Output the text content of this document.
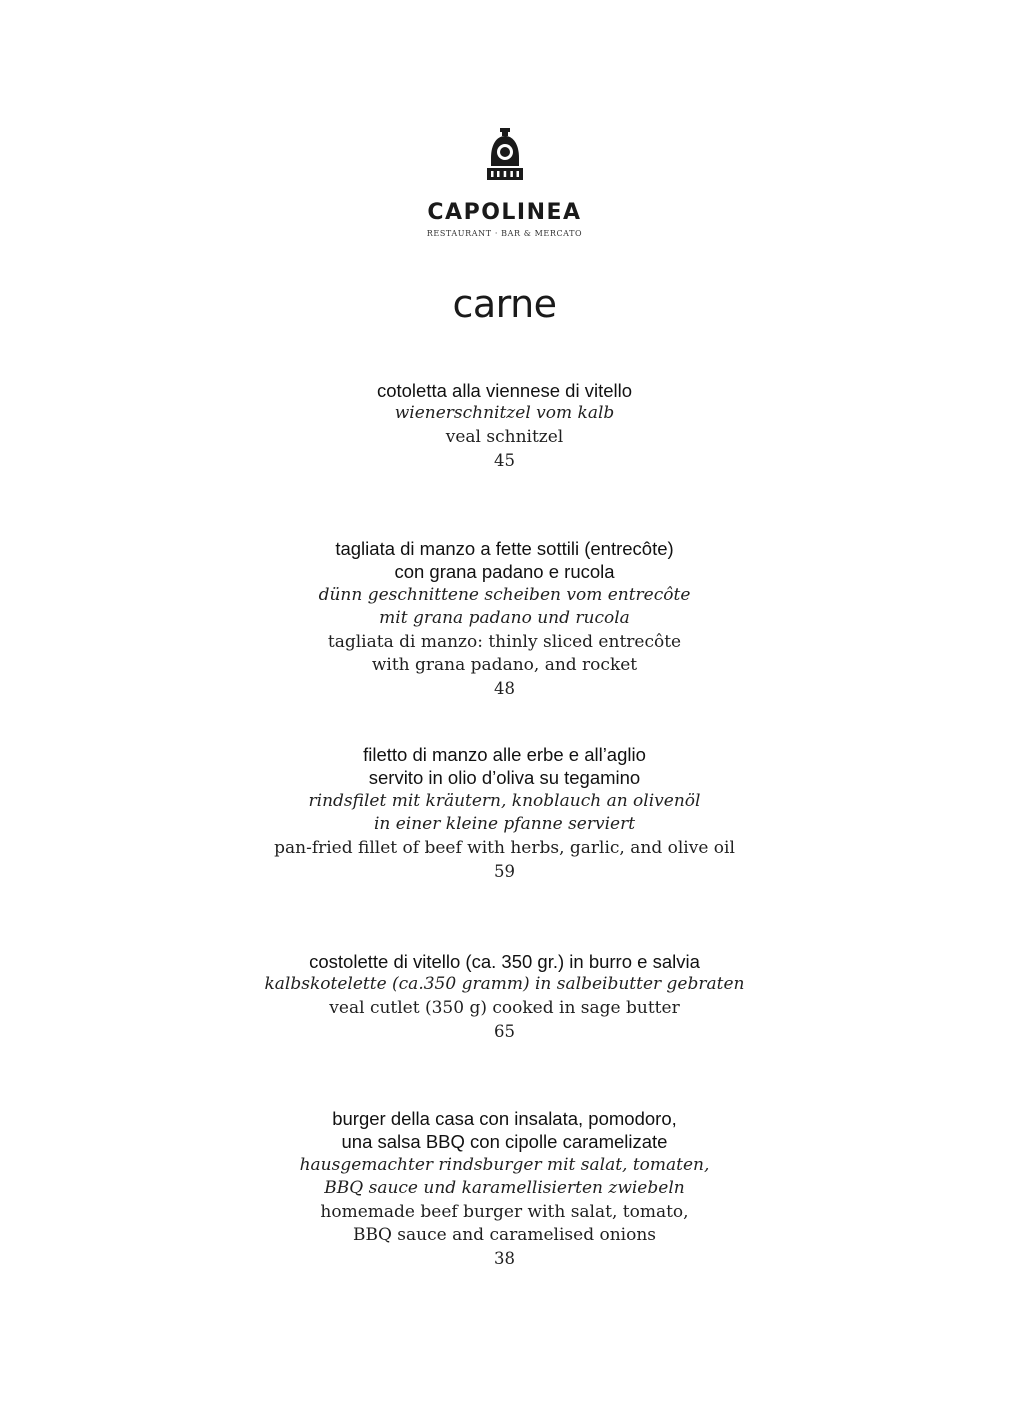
CAPOLINEA
RESTAURANT · BAR & MERCATO
carne
cotoletta alla viennese di vitello
wienerschnitzel vom kalb
veal schnitzel
45
tagliata di manzo a fette sottili (entrecôte)
con grana padano e rucola
dünn geschnittene scheiben vom entrecôte
mit grana padano und rucola
tagliata di manzo: thinly sliced entrecôte
with grana padano, and rocket
48
filetto di manzo alle erbe e all’aglio
servito in olio d’oliva su tegamino
rindsfilet mit kräutern, knoblauch an olivenöl
in einer kleine pfanne serviert
pan-fried fillet of beef with herbs, garlic, and olive oil
59
costolette di vitello (ca. 350 gr.) in burro e salvia
kalbskotelette (ca.350 gramm) in salbeibutter gebraten
veal cutlet (350 g) cooked in sage butter
65
burger della casa con insalata, pomodoro,
una salsa BBQ con cipolle caramelizate
hausgemachter rindsburger mit salat, tomaten,
BBQ sauce und karamellisierten zwiebeln
homemade beef burger with salat, tomato,
BBQ sauce and caramelised onions
38
